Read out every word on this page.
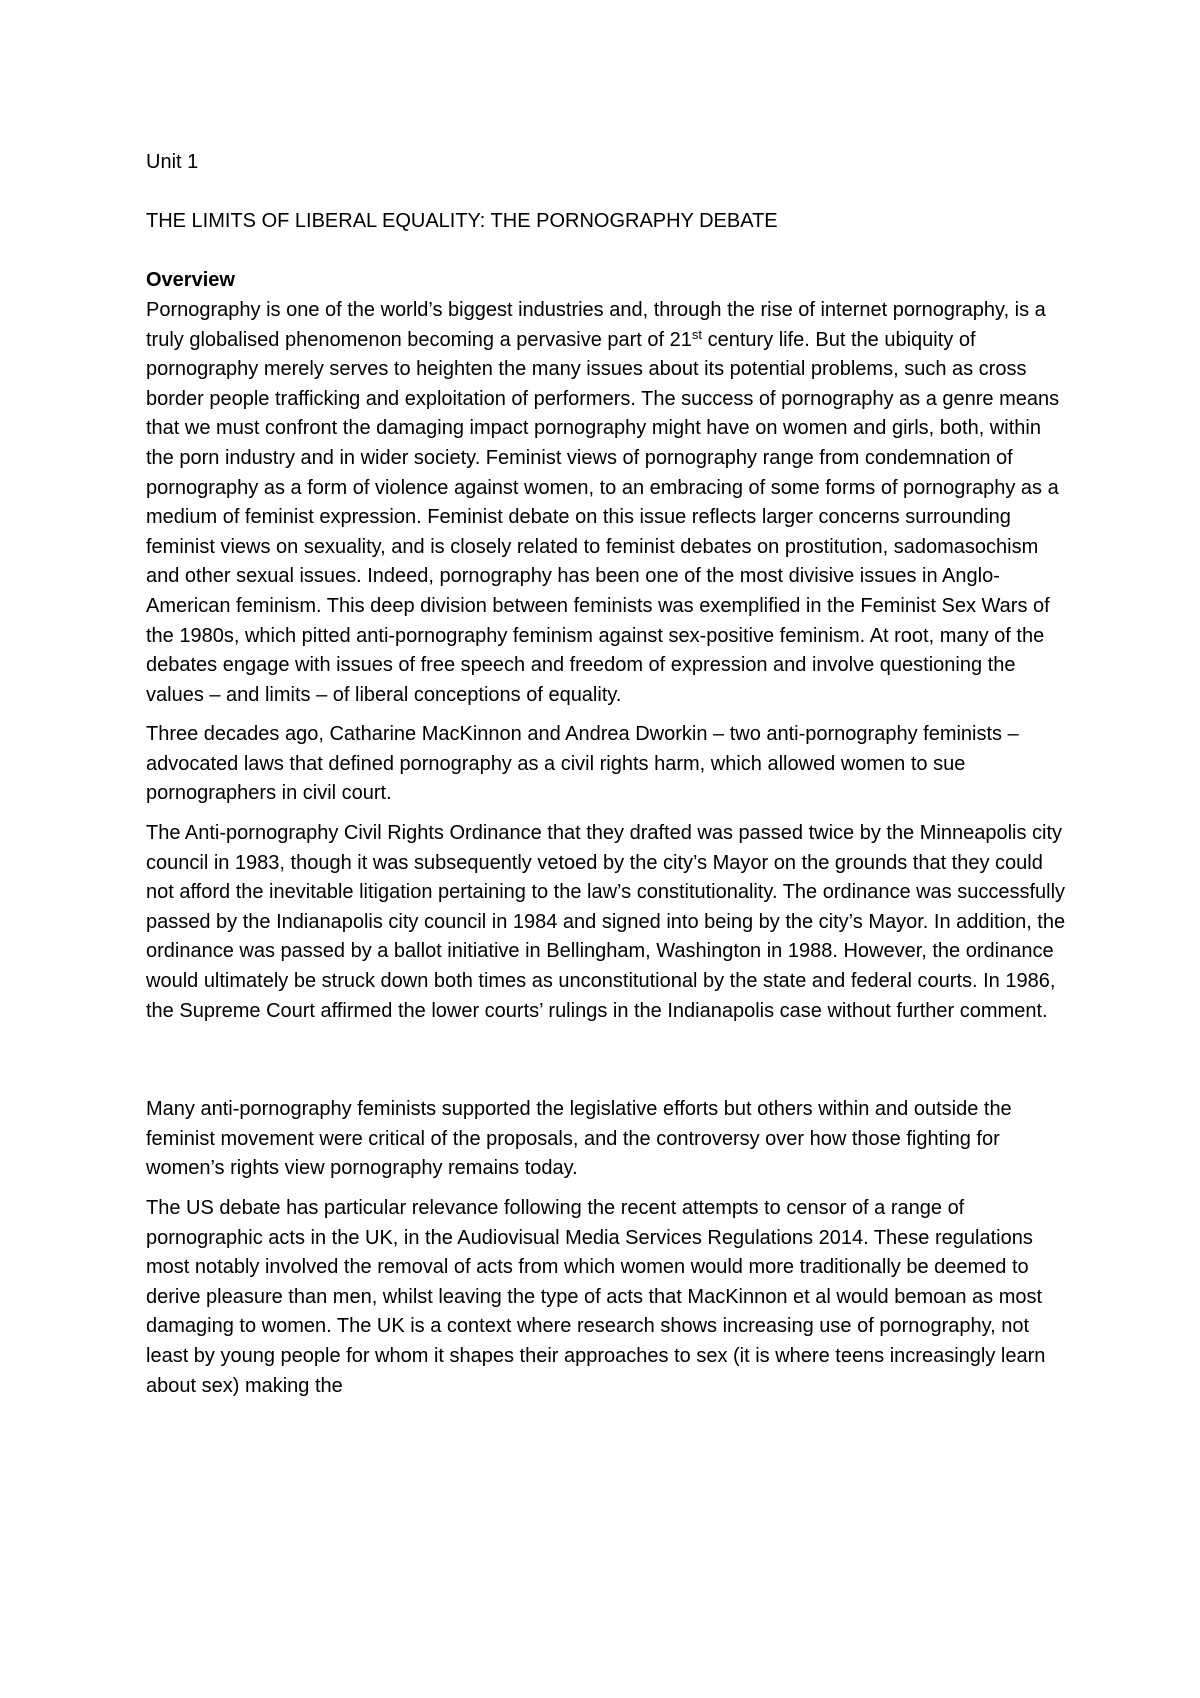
Unit 1

THE LIMITS OF LIBERAL EQUALITY: THE PORNOGRAPHY DEBATE

Overview

Pornography is one of the world’s biggest industries and, through the rise of internet pornography, is a truly globalised phenomenon becoming a pervasive part of 21st century life. But the ubiquity of pornography merely serves to heighten the many issues about its potential problems, such as cross border people trafficking and exploitation of performers. The success of pornography as a genre means that we must confront the damaging impact pornography might have on women and girls, both, within the porn industry and in wider society. Feminist views of pornography range from condemnation of pornography as a form of violence against women, to an embracing of some forms of pornography as a medium of feminist expression. Feminist debate on this issue reflects larger concerns surrounding feminist views on sexuality, and is closely related to feminist debates on prostitution, sadomasochism and other sexual issues. Indeed, pornography has been one of the most divisive issues in Anglo-American feminism. This deep division between feminists was exemplified in the Feminist Sex Wars of the 1980s, which pitted anti-pornography feminism against sex-positive feminism. At root, many of the debates engage with issues of free speech and freedom of expression and involve questioning the values – and limits – of liberal conceptions of equality.

Three decades ago, Catharine MacKinnon and Andrea Dworkin – two anti-pornography feminists – advocated laws that defined pornography as a civil rights harm, which allowed women to sue pornographers in civil court.

The Anti-pornography Civil Rights Ordinance that they drafted was passed twice by the Minneapolis city council in 1983, though it was subsequently vetoed by the city’s Mayor on the grounds that they could not afford the inevitable litigation pertaining to the law’s constitutionality. The ordinance was successfully passed by the Indianapolis city council in 1984 and signed into being by the city’s Mayor. In addition, the ordinance was passed by a ballot initiative in Bellingham, Washington in 1988. However, the ordinance would ultimately be struck down both times as unconstitutional by the state and federal courts. In 1986, the Supreme Court affirmed the lower courts’ rulings in the Indianapolis case without further comment.

Many anti-pornography feminists supported the legislative efforts but others within and outside the feminist movement were critical of the proposals, and the controversy over how those fighting for women’s rights view pornography remains today.

The US debate has particular relevance following the recent attempts to censor of a range of pornographic acts in the UK, in the Audiovisual Media Services Regulations 2014. These regulations most notably involved the removal of acts from which women would more traditionally be deemed to derive pleasure than men, whilst leaving the type of acts that MacKinnon et al would bemoan as most damaging to women. The UK is a context where research shows increasing use of pornography, not least by young people for whom it shapes their approaches to sex (it is where teens increasingly learn about sex) making the
